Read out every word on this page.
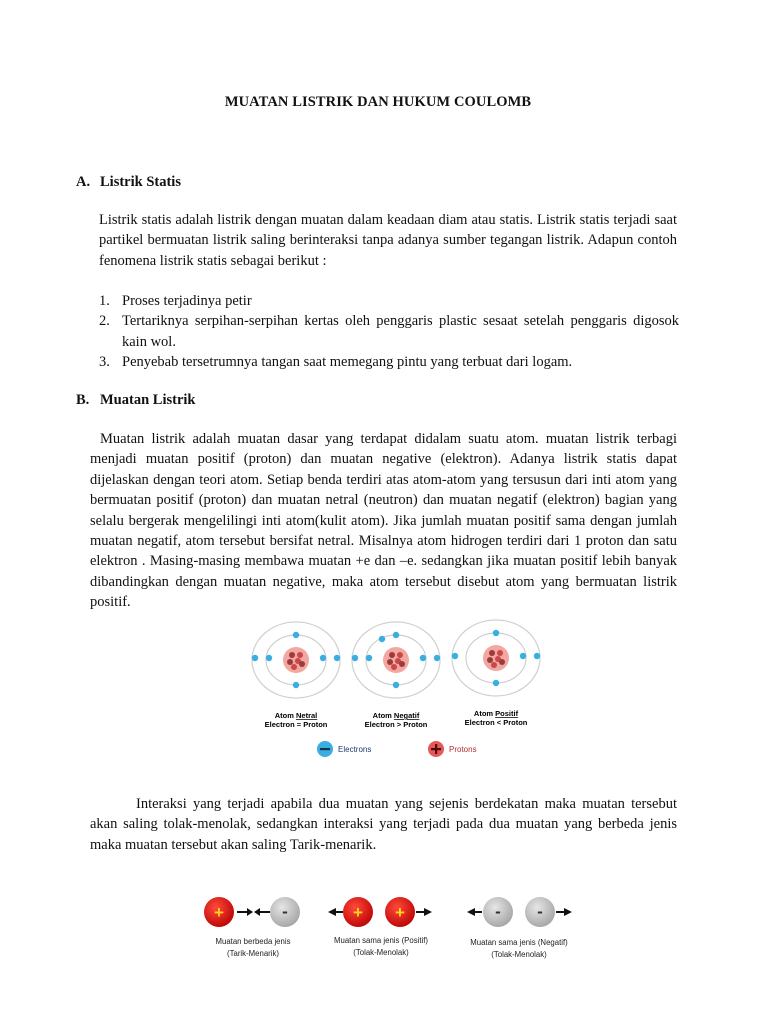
MUATAN LISTRIK DAN HUKUM COULOMB
A. Listrik Statis
Listrik statis adalah listrik dengan muatan dalam keadaan diam atau statis. Listrik statis terjadi saat partikel bermuatan listrik saling berinteraksi tanpa adanya sumber tegangan listrik. Adapun contoh fenomena listrik statis sebagai berikut :
1. Proses terjadinya petir
2. Tertariknya serpihan-serpihan kertas oleh penggaris plastic sesaat setelah penggaris digosok kain wol.
3. Penyebab tersetrumnya tangan saat memegang pintu yang terbuat dari logam.
B. Muatan Listrik
Muatan listrik adalah muatan dasar yang terdapat didalam suatu atom. muatan listrik terbagi menjadi muatan positif (proton) dan muatan negative (elektron). Adanya listrik statis dapat dijelaskan dengan teori atom. Setiap benda terdiri atas atom-atom yang tersusun dari inti atom yang bermuatan positif (proton) dan muatan netral (neutron) dan muatan negatif (elektron) bagian yang selalu bergerak mengelilingi inti atom(kulit atom). Jika jumlah muatan positif sama dengan jumlah muatan negatif, atom tersebut bersifat netral. Misalnya atom hidrogen terdiri dari 1 proton dan satu elektron . Masing-masing membawa muatan +e dan –e. sedangkan jika muatan positif lebih banyak dibandingkan dengan muatan negative, maka atom tersebut disebut atom yang bermuatan listrik positif.
Atom Netral
Electron = Proton
Atom Negatif
Electron > Proton
Atom Positif
Electron < Proton
Electrons	Protons
Interaksi yang terjadi apabila dua muatan yang sejenis berdekatan maka muatan tersebut akan saling tolak-menolak, sedangkan interaksi yang terjadi pada dua muatan yang berbeda jenis maka muatan tersebut akan saling Tarik-menarik.
+	-
Muatan berbeda jenis
(Tarik-Menarik)
+ +
Muatan sama jenis (Positif)
(Tolak-Menolak)
- -
Muatan sama jenis (Negatif)
(Tolak-Menolak)
